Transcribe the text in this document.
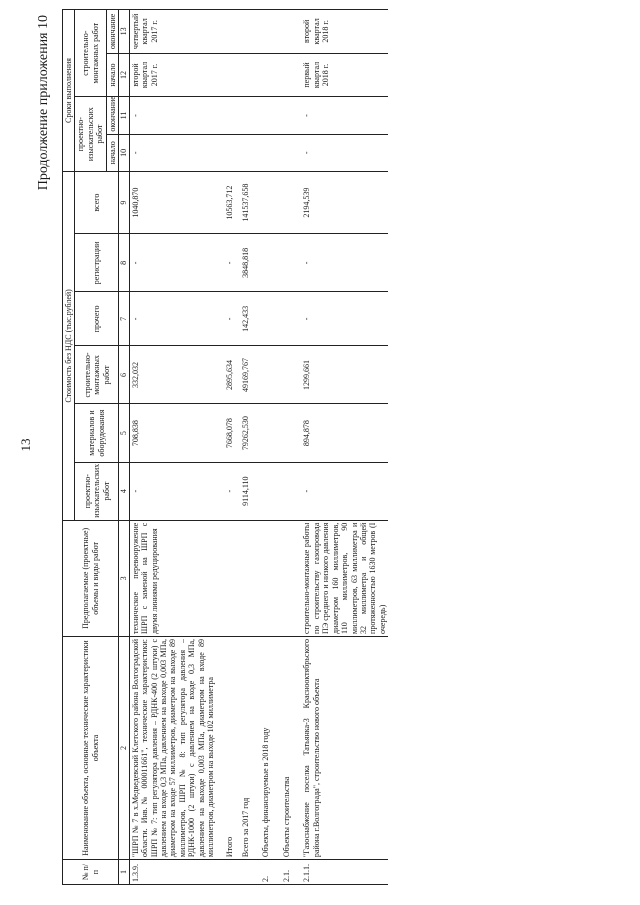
13
Продолжение приложения 10
№ п/п	Наименование объекта, основные технические характеристики объекта	Предполагаемые (проектные) объемы и виды работ	Стоимость без НДС (тыс.рублей)						Сроки выполнения			
			проектно-изыскательских работ	материалов и оборудования	строительно-монтажных работ	прочего	регистрации	всего	проектно-изыскательских работ		строительно-монтажных работ	
									начало	окончание	начало	окончание
1	2	3	4	5	6	7	8	9	10	11	12	13
1.3.9.	"ШРП № 7 в х.Медведевский Клетского района Волгоградской области. Инв.№ 000011661", технические характеристики: ШРП № 7: тип регулятора давления – РДНК-400 (2 штуки) с давлением на входе 0,3 МПа, давлением на выходе 0,003 МПа, диаметром на входе 57 миллиметров, диаметром на выходе 89 миллиметров, ШРП № 8: тип регулятора давления – РДНК-1000 (2 штуки) с давлением на входе 0,3 МПа, давлением на выходе 0,003 МПа, диаметром на входе 89 миллиметров, диаметром на выходе 102 миллиметра	техническое перевооружение ШРП с заменой на ШРП с двумя линиями редуцирования	-	708,838	332,032	-	-	1040,870	-	-	второй квартал 2017 г.	четвертый квартал 2017 г.
	Итого		-	7668,078	2895,634	-	-	10563,712				
	Всего за 2017 год		9114,110	79262,530	49169,767	142,433	3848,818	141537,658				
2.	Объекты, финансируемые в 2018 году											
2.1.	Объекты строительства											
2.1.1.	"Газоснабжение поселка Татьянка-3 Краснооктябрьского района г.Волгограда", строительство нового объекта	строительно-монтажные работы по строительству газопровода ПЭ среднего и низкого давления диаметром 160 миллиметров, 110 миллиметров, 90 миллиметров, 63 миллиметра и 32 миллиметра и общей протяженностью 1630 метров (I очередь)	-	894,878	1299,661	-	-	2194,539	-	-	первый квартал 2018 г.	второй квартал 2018 г.
